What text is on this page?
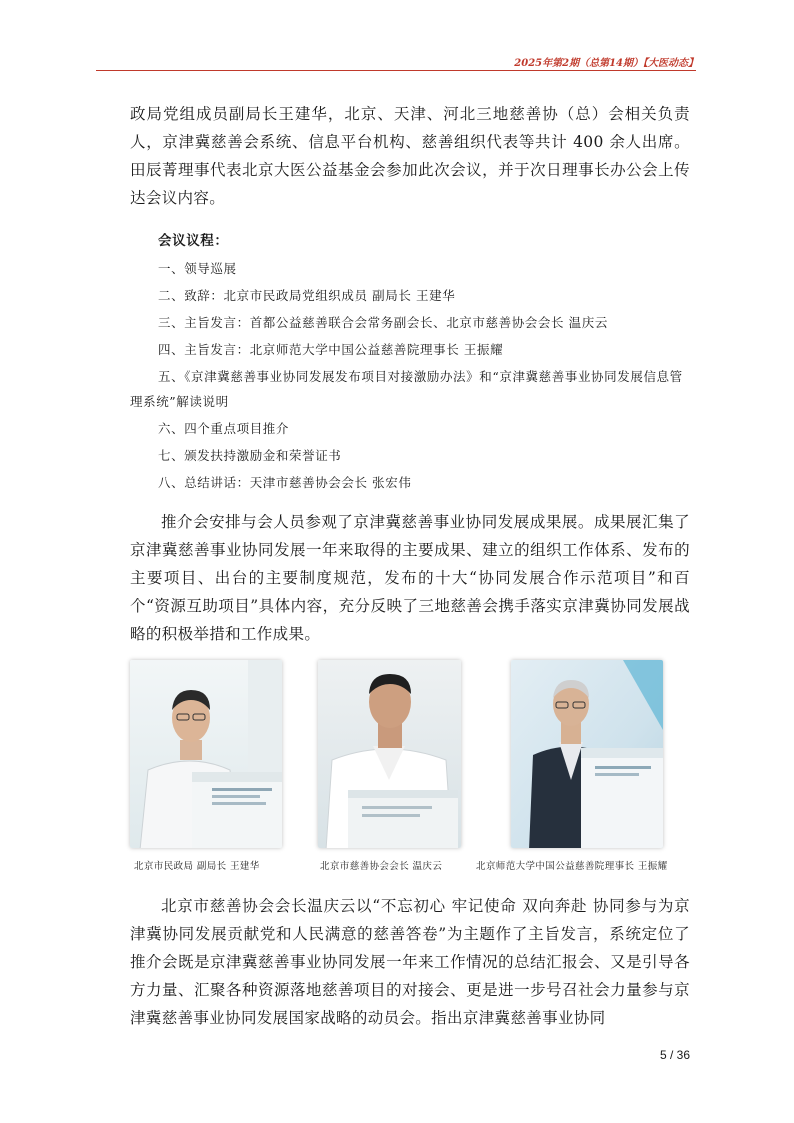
2025年第2期（总第14期）【大医动态】

政局党组成员副局长王建华，北京、天津、河北三地慈善协（总）会相关负责人，京津冀慈善会系统、信息平台机构、慈善组织代表等共计 400 余人出席。田辰菁理事代表北京大医公益基金会参加此次会议，并于次日理事长办公会上传达会议内容。

会议议程：
一、领导巡展
二、致辞：北京市民政局党组织成员 副局长 王建华
三、主旨发言：首都公益慈善联合会常务副会长、北京市慈善协会会长 温庆云
四、主旨发言：北京师范大学中国公益慈善院理事长 王振耀
五、《京津冀慈善事业协同发展发布项目对接激励办法》和“京津冀慈善事业协同发展信息管理系统”解读说明
六、四个重点项目推介
七、颁发扶持激励金和荣誉证书
八、总结讲话：天津市慈善协会会长 张宏伟

推介会安排与会人员参观了京津冀慈善事业协同发展成果展。成果展汇集了京津冀慈善事业协同发展一年来取得的主要成果、建立的组织工作体系、发布的主要项目、出台的主要制度规范，发布的十大“协同发展合作示范项目”和百个“资源互助项目”具体内容，充分反映了三地慈善会携手落实京津冀协同发展战略的积极举措和工作成果。

北京市民政局 副局长 王建华	北京市慈善协会会长 温庆云	北京师范大学中国公益慈善院理事长 王振耀

北京市慈善协会会长温庆云以“不忘初心 牢记使命 双向奔赴 协同参与为京津冀协同发展贡献党和人民满意的慈善答卷”为主题作了主旨发言，系统定位了推介会既是京津冀慈善事业协同发展一年来工作情况的总结汇报会、又是引导各方力量、汇聚各种资源落地慈善项目的对接会、更是进一步号召社会力量参与京津冀慈善事业协同发展国家战略的动员会。指出京津冀慈善事业协同

5 / 36
